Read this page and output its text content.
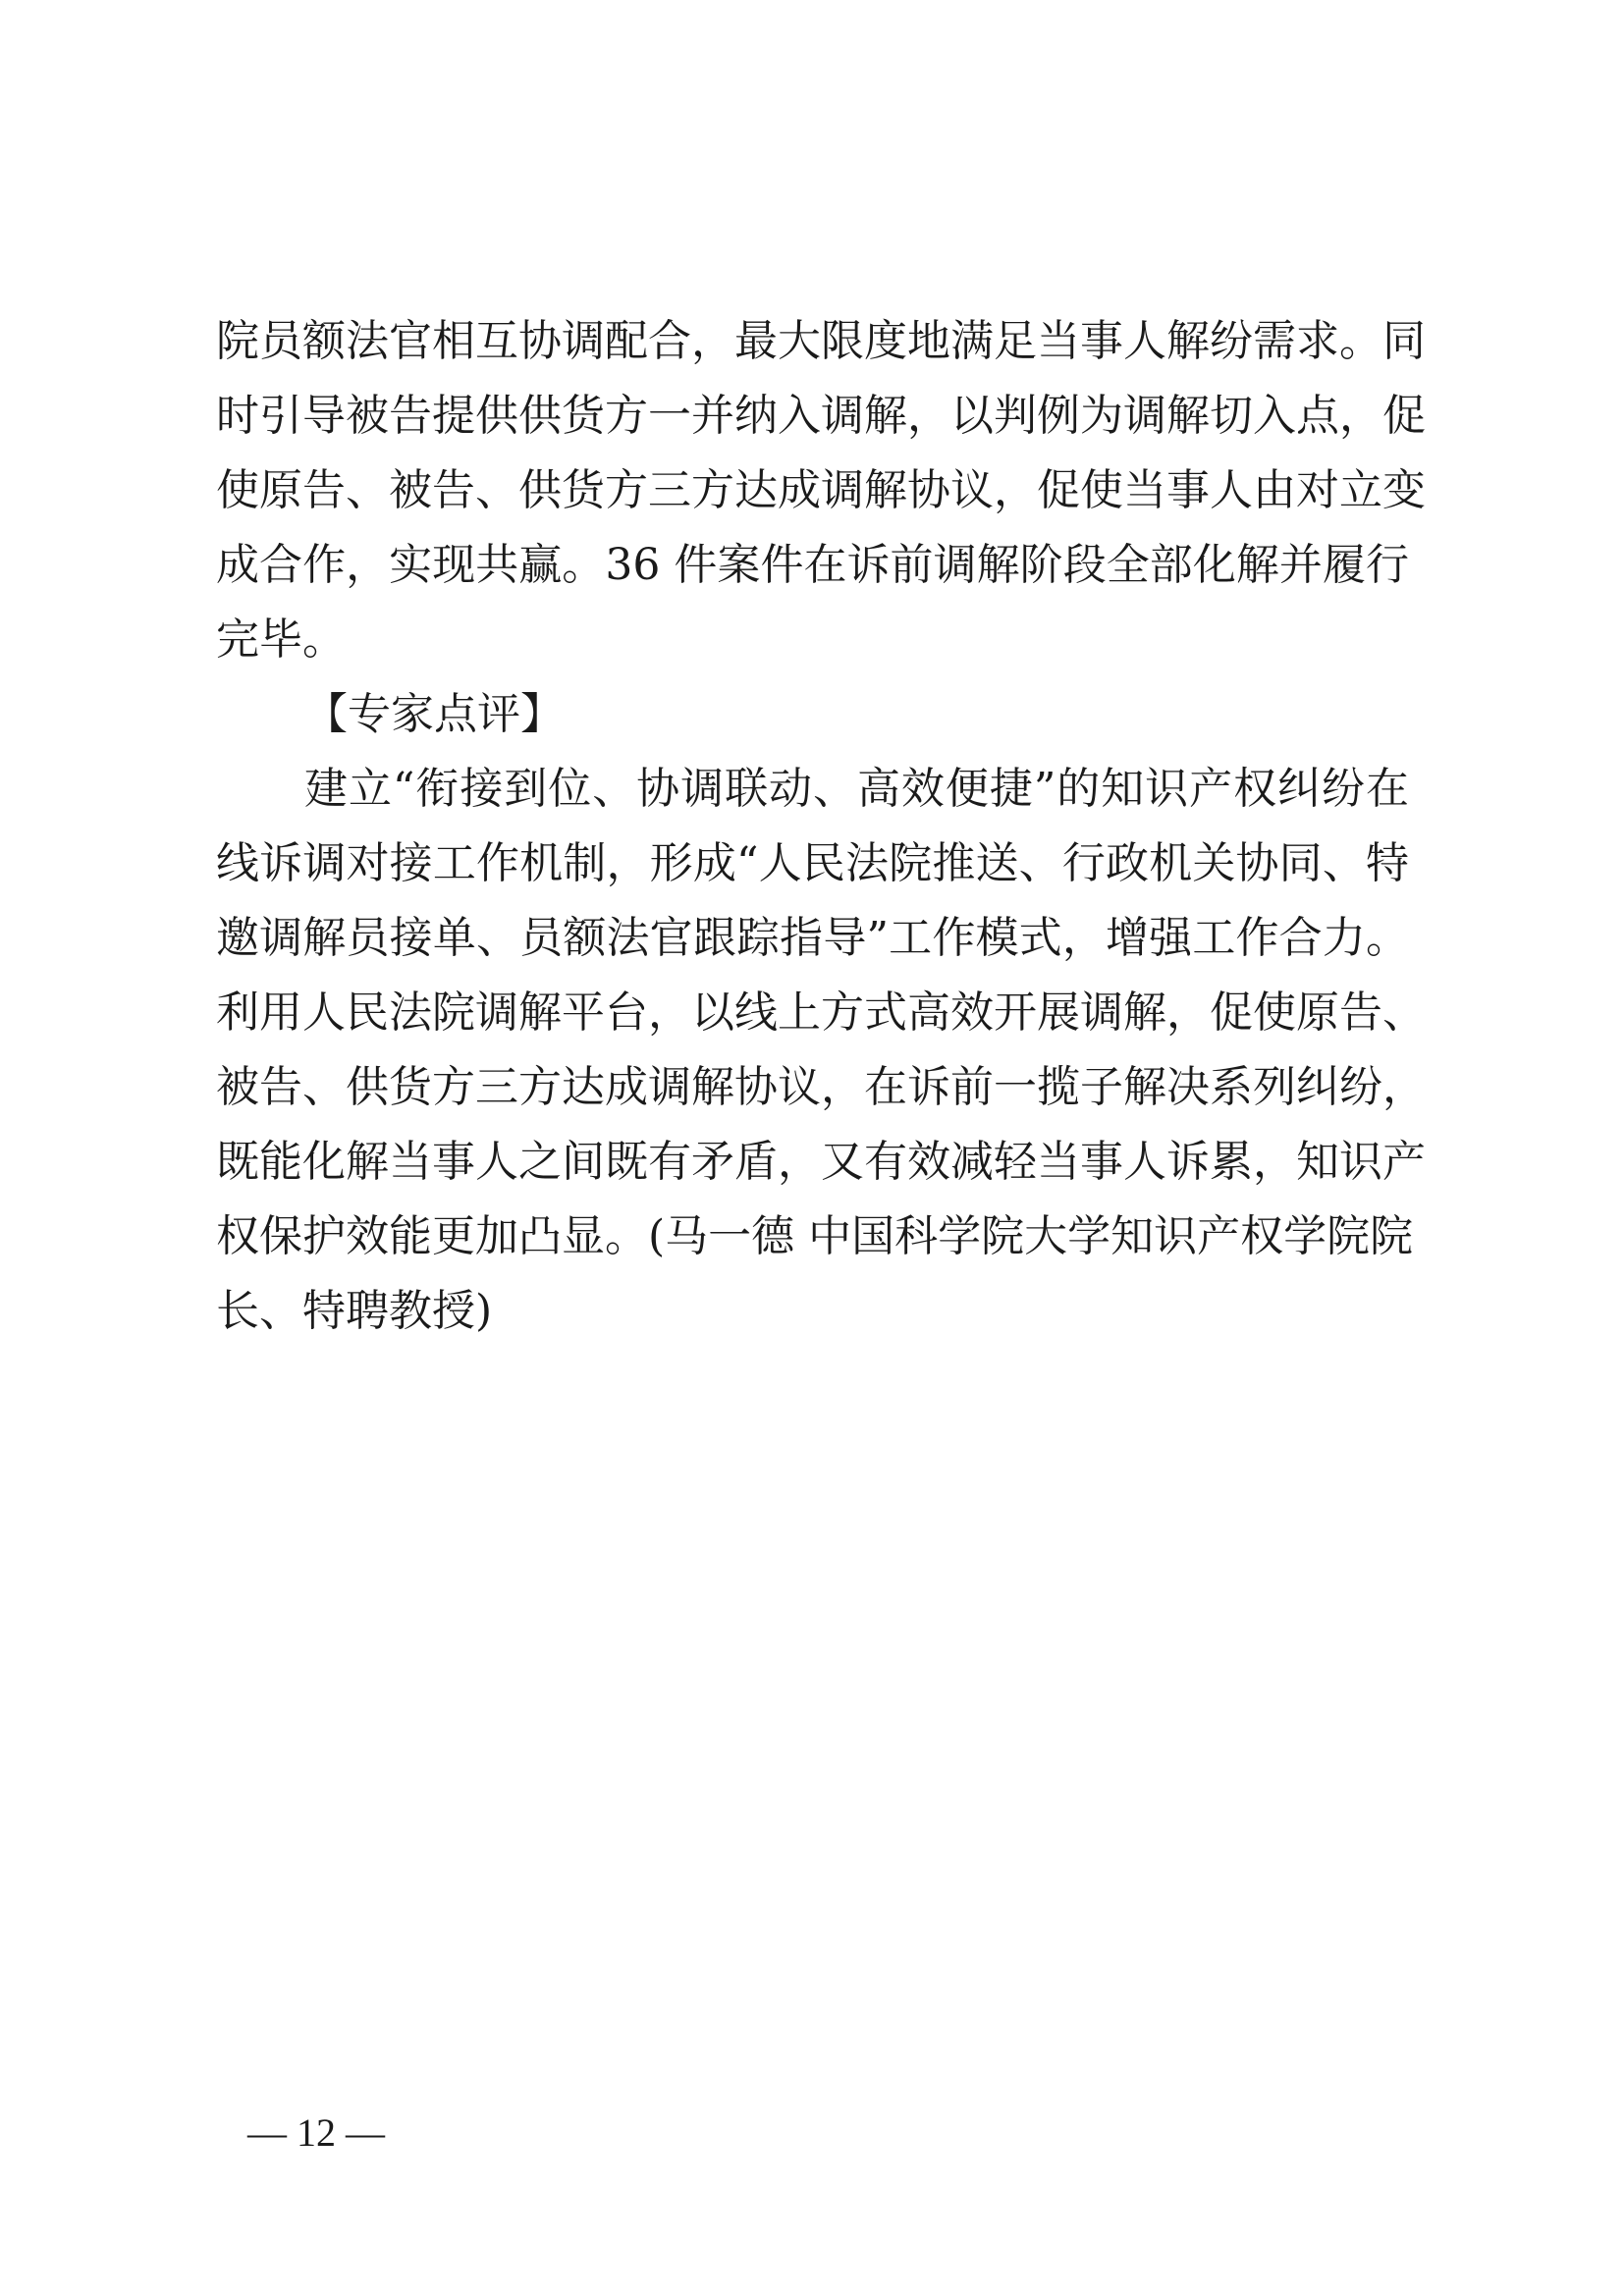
院员额法官相互协调配合，最大限度地满足当事人解纷需求。同
时引导被告提供供货方一并纳入调解，以判例为调解切入点，促
使原告、被告、供货方三方达成调解协议，促使当事人由对立变
成合作，实现共赢。36 件案件在诉前调解阶段全部化解并履行
完毕。
【专家点评】
建立“衔接到位、协调联动、高效便捷”的知识产权纠纷在
线诉调对接工作机制，形成“人民法院推送、行政机关协同、特
邀调解员接单、员额法官跟踪指导”工作模式，增强工作合力。
利用人民法院调解平台，以线上方式高效开展调解，促使原告、
被告、供货方三方达成调解协议，在诉前一揽子解决系列纠纷，
既能化解当事人之间既有矛盾，又有效减轻当事人诉累，知识产
权保护效能更加凸显。(马一德 中国科学院大学知识产权学院院
长、特聘教授)
— 12 —
